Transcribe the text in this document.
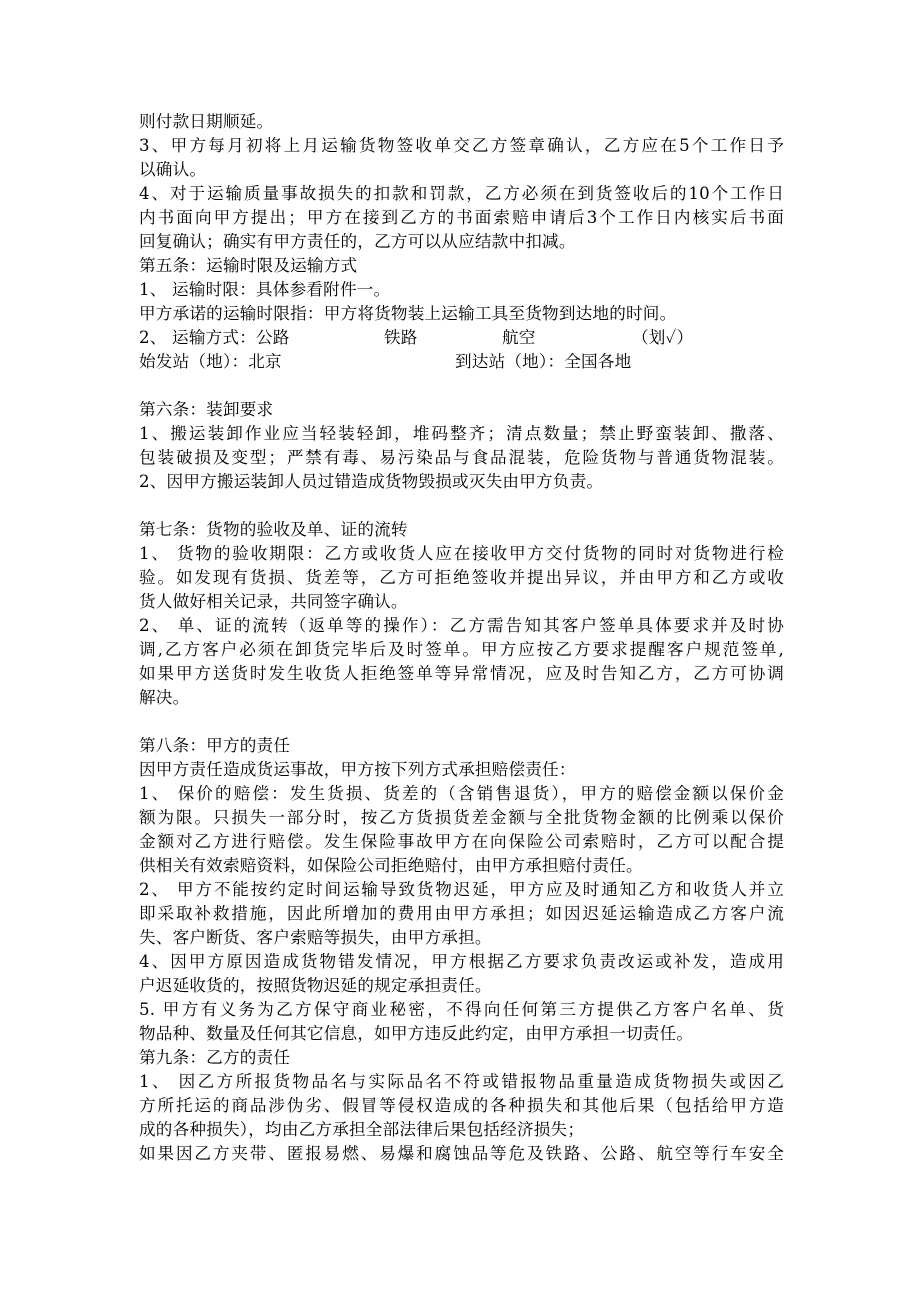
则付款日期顺延。
3、甲方每月初将上月运输货物签收单交乙方签章确认，乙方应在5个工作日予
以确认。
4、对于运输质量事故损失的扣款和罚款，乙方必须在到货签收后的10个工作日
内书面向甲方提出；甲方在接到乙方的书面索赔申请后3个工作日内核实后书面
回复确认；确实有甲方责任的，乙方可以从应结款中扣减。
第五条：运输时限及运输方式
1、 运输时限：具体参看附件一。
甲方承诺的运输时限指：甲方将货物装上运输工具至货物到达地的时间。
2、 运输方式：公路	铁路	航空	（划✓）
始发站（地）：北京	到达站（地）：全国各地
第六条：装卸要求
1、搬运装卸作业应当轻装轻卸，堆码整齐；清点数量；禁止野蛮装卸、撒落、
包装破损及变型；严禁有毒、易污染品与食品混装，危险货物与普通货物混装。
2、因甲方搬运装卸人员过错造成货物毁损或灭失由甲方负责。
第七条：货物的验收及单、证的流转
1、 货物的验收期限：乙方或收货人应在接收甲方交付货物的同时对货物进行检
验。如发现有货损、货差等，乙方可拒绝签收并提出异议，并由甲方和乙方或收
货人做好相关记录，共同签字确认。
2、 单、证的流转（返单等的操作）：乙方需告知其客户签单具体要求并及时协
调,乙方客户必须在卸货完毕后及时签单。甲方应按乙方要求提醒客户规范签单,
如果甲方送货时发生收货人拒绝签单等异常情况，应及时告知乙方，乙方可协调
解决。
第八条：甲方的责任
因甲方责任造成货运事故，甲方按下列方式承担赔偿责任：
1、 保价的赔偿：发生货损、货差的（含销售退货），甲方的赔偿金额以保价金
额为限。只损失一部分时，按乙方货损货差金额与全批货物金额的比例乘以保价
金额对乙方进行赔偿。发生保险事故甲方在向保险公司索赔时，乙方可以配合提
供相关有效索赔资料，如保险公司拒绝赔付，由甲方承担赔付责任。
2、 甲方不能按约定时间运输导致货物迟延，甲方应及时通知乙方和收货人并立
即采取补救措施，因此所增加的费用由甲方承担；如因迟延运输造成乙方客户流
失、客户断货、客户索赔等损失，由甲方承担。
4、因甲方原因造成货物错发情况，甲方根据乙方要求负责改运或补发，造成用
户迟延收货的，按照货物迟延的规定承担责任。
5. 甲方有义务为乙方保守商业秘密，不得向任何第三方提供乙方客户名单、货
物品种、数量及任何其它信息，如甲方违反此约定，由甲方承担一切责任。
第九条：乙方的责任
1、 因乙方所报货物品名与实际品名不符或错报物品重量造成货物损失或因乙
方所托运的商品涉伪劣、假冒等侵权造成的各种损失和其他后果（包括给甲方造
成的各种损失），均由乙方承担全部法律后果包括经济损失；
如果因乙方夹带、匿报易燃、易爆和腐蚀品等危及铁路、公路、航空等行车安全
